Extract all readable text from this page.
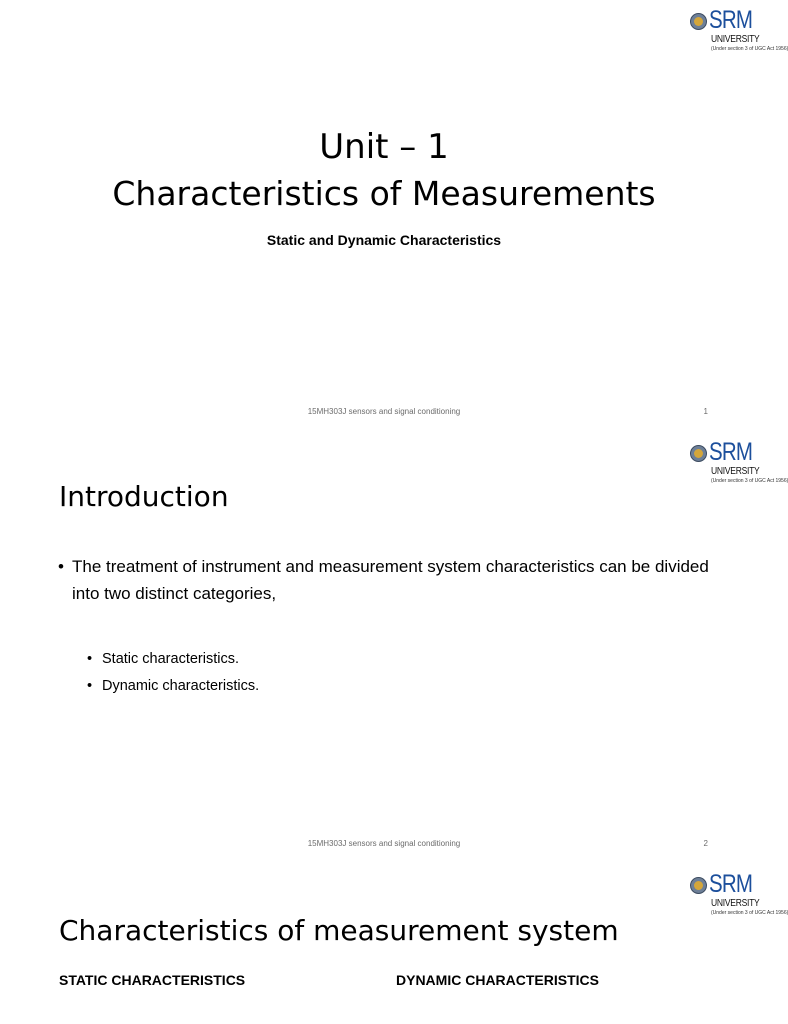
SRM
UNIVERSITY
(Under section 3 of UGC Act 1956)
Unit – 1
Characteristics of Measurements
Static and Dynamic Characteristics
15MH303J sensors and signal conditioning	1
SRM
UNIVERSITY
(Under section 3 of UGC Act 1956)
Introduction
• The treatment of instrument and measurement system characteristics can be divided into two distinct categories,
• Static characteristics.
• Dynamic characteristics.
15MH303J sensors and signal conditioning	2
SRM
UNIVERSITY
(Under section 3 of UGC Act 1956)
Characteristics of measurement system
STATIC CHARACTERISTICS	DYNAMIC CHARACTERISTICS
